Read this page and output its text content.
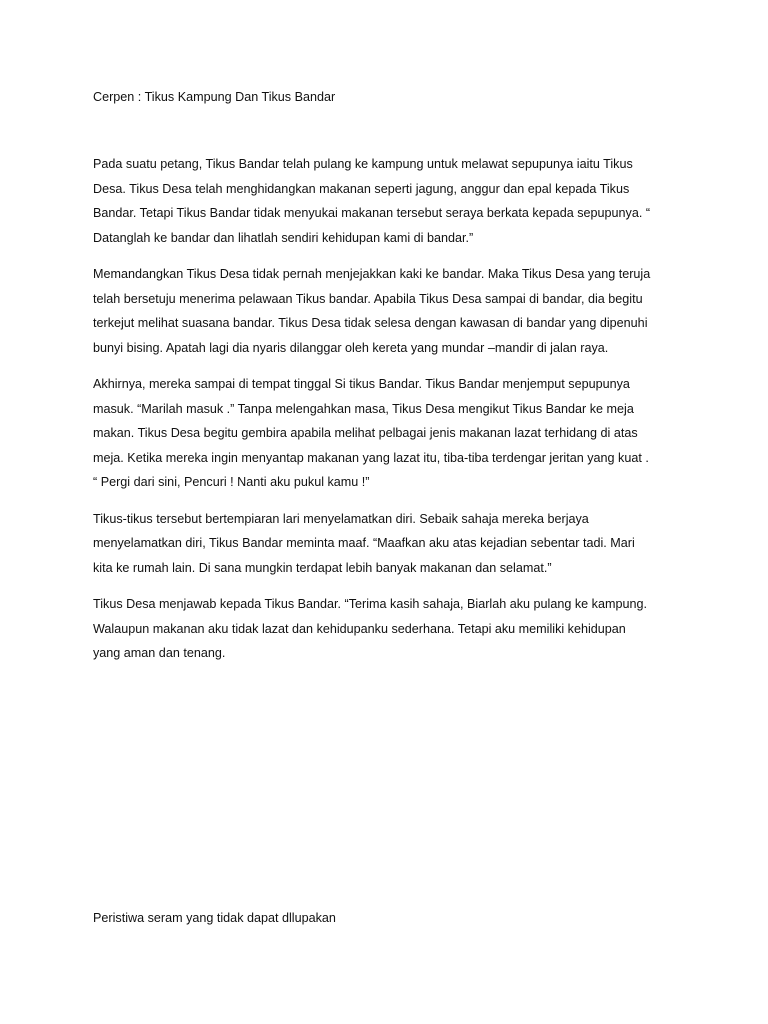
Cerpen : Tikus Kampung Dan Tikus Bandar

Pada suatu petang, Tikus Bandar telah pulang ke kampung untuk melawat sepupunya iaitu Tikus
Desa. Tikus Desa telah menghidangkan makanan seperti jagung, anggur dan epal kepada Tikus
Bandar. Tetapi Tikus Bandar tidak menyukai makanan tersebut seraya berkata kepada sepupunya. “
Datanglah ke bandar dan lihatlah sendiri kehidupan kami di bandar.”

Memandangkan Tikus Desa tidak pernah menjejakkan kaki ke bandar. Maka Tikus Desa yang teruja
telah bersetuju menerima pelawaan Tikus bandar. Apabila Tikus Desa sampai di bandar, dia begitu
terkejut melihat suasana bandar. Tikus Desa tidak selesa dengan kawasan di bandar yang dipenuhi
bunyi bising. Apatah lagi dia nyaris dilanggar oleh kereta yang mundar –mandir di jalan raya.

Akhirnya, mereka sampai di tempat tinggal Si tikus Bandar. Tikus Bandar menjemput sepupunya
masuk. “Marilah masuk .” Tanpa melengahkan masa, Tikus Desa mengikut Tikus Bandar ke meja
makan. Tikus Desa begitu gembira apabila melihat pelbagai jenis makanan lazat terhidang di atas
meja. Ketika mereka ingin menyantap makanan yang lazat itu, tiba-tiba terdengar jeritan yang kuat .
“ Pergi dari sini, Pencuri ! Nanti aku pukul kamu !”

Tikus-tikus tersebut bertempiaran lari menyelamatkan diri. Sebaik sahaja mereka berjaya
menyelamatkan diri, Tikus Bandar meminta maaf. “Maafkan aku atas kejadian sebentar tadi. Mari
kita ke rumah lain. Di sana mungkin terdapat lebih banyak makanan dan selamat.”

Tikus Desa menjawab kepada Tikus Bandar. “Terima kasih sahaja, Biarlah aku pulang ke kampung.
Walaupun makanan aku tidak lazat dan kehidupanku sederhana. Tetapi aku memiliki kehidupan
yang aman dan tenang.

Peristiwa seram yang tidak dapat dllupakan
